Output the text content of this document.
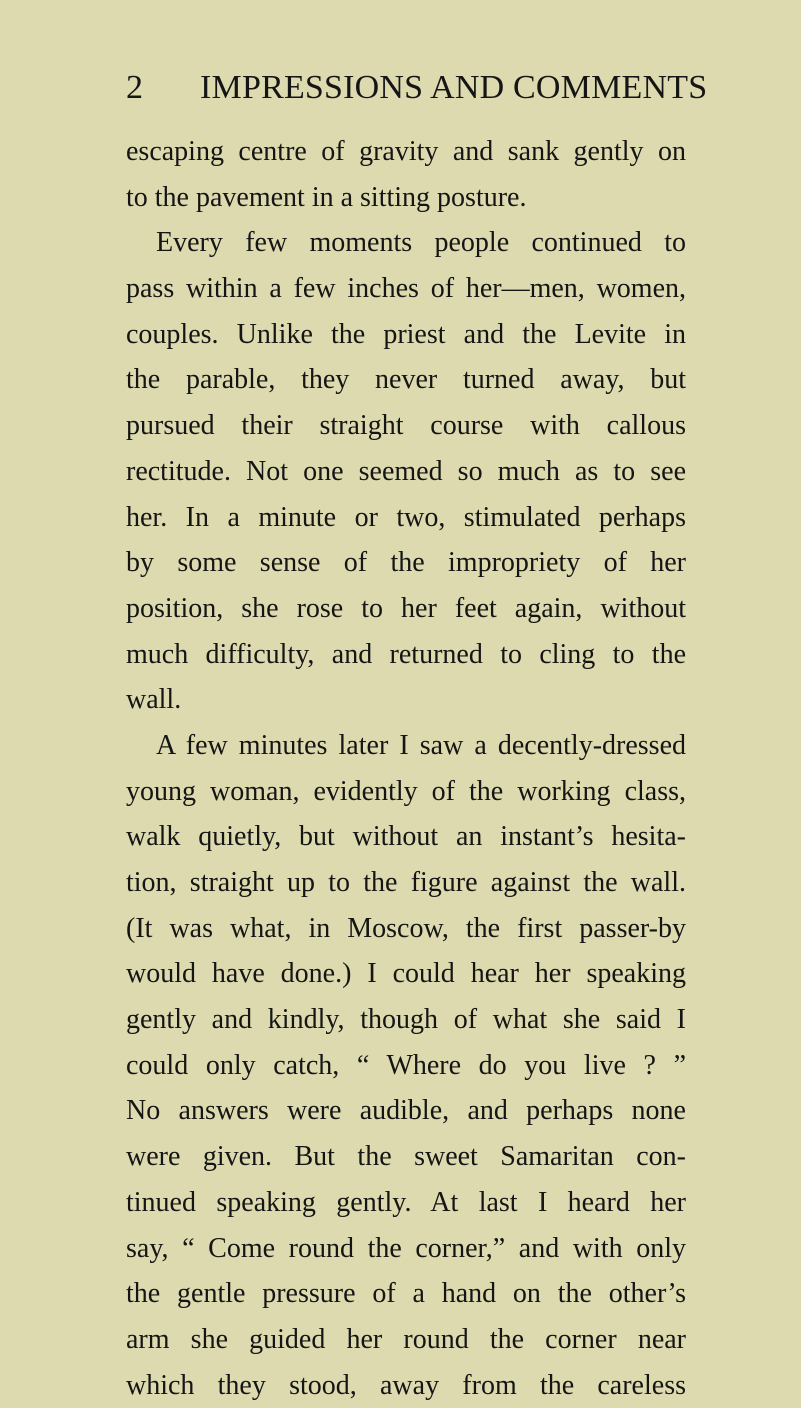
2 IMPRESSIONS AND COMMENTS
escaping centre of gravity and sank gently on
to the pavement in a sitting posture.
Every few moments people continued to
pass within a few inches of her—men, women,
couples. Unlike the priest and the Levite in
the parable, they never turned away, but
pursued their straight course with callous
rectitude. Not one seemed so much as to see
her. In a minute or two, stimulated perhaps
by some sense of the impropriety of her
position, she rose to her feet again, without
much difficulty, and returned to cling to the
wall.
A few minutes later I saw a decently-dressed
young woman, evidently of the working class,
walk quietly, but without an instant’s hesita-
tion, straight up to the figure against the wall.
(It was what, in Moscow, the first passer-by
would have done.) I could hear her speaking
gently and kindly, though of what she said I
could only catch, “ Where do you live ? ”
No answers were audible, and perhaps none
were given. But the sweet Samaritan con-
tinued speaking gently. At last I heard her
say, “ Come round the corner,” and with only
the gentle pressure of a hand on the other’s
arm she guided her round the corner near
which they stood, away from the careless
